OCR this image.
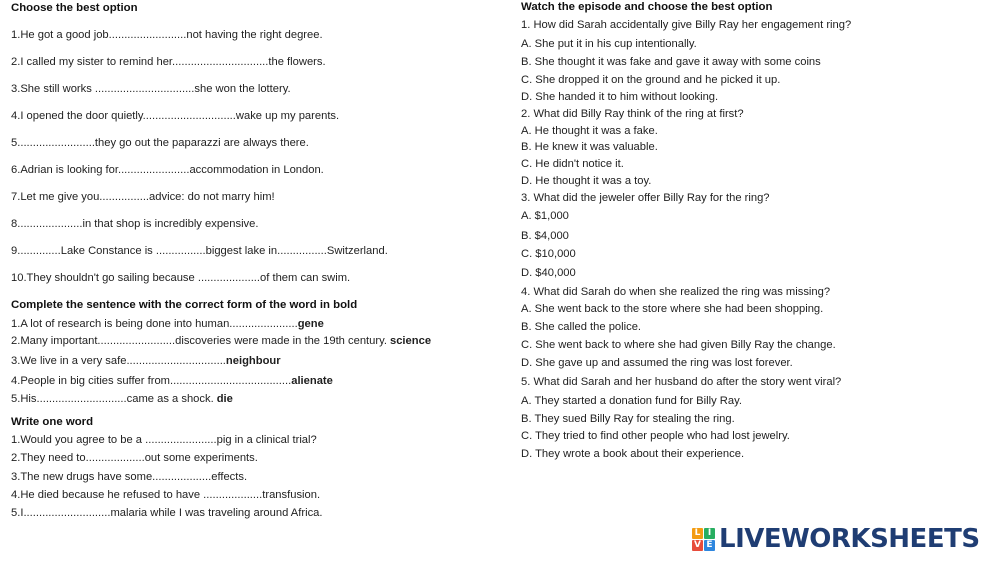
Choose the best option
1.He got a good job.........................not having the right degree.
2.I called my sister to remind her...............................the flowers.
3.She still works ................................she won the lottery.
4.I opened the door quietly..............................wake up my parents.
5.........................they go out the paparazzi are always there.
6.Adrian is looking for.......................accommodation in London.
7.Let me give you................advice: do not marry him!
8.....................in that shop is incredibly expensive.
9..............Lake Constance is ................biggest lake in................Switzerland.
10.They shouldn't go sailing because ....................of them can swim.
Complete the sentence with the correct form of the word in bold
1.A lot of research is being done into human......................gene
2.Many important.........................discoveries were made in the 19th century. science
3.We live in a very safe................................neighbour
4.People in big cities suffer from.......................................alienate
5.His.............................came as a shock. die
Write one word
1.Would you agree to be a .......................pig in a clinical trial?
2.They need to...................out some experiments.
3.The new drugs have some...................effects.
4.He died because he refused to have ...................transfusion.
5.I............................malaria while I was traveling around Africa.
Watch the episode and choose the best option
1. How did Sarah accidentally give Billy Ray her engagement ring?
A. She put it in his cup intentionally.
B. She thought it was fake and gave it away with some coins
C. She dropped it on the ground and he picked it up.
D. She handed it to him without looking.
2. What did Billy Ray think of the ring at first?
A. He thought it was a fake.
B. He knew it was valuable.
C. He didn't notice it.
D. He thought it was a toy.
3. What did the jeweler offer Billy Ray for the ring?
A. $1,000
B. $4,000
C. $10,000
D. $40,000
4. What did Sarah do when she realized the ring was missing?
A. She went back to the store where she had been shopping.
B. She called the police.
C. She went back to where she had given Billy Ray the change.
D. She gave up and assumed the ring was lost forever.
5. What did Sarah and her husband do after the story went viral?
A. They started a donation fund for Billy Ray.
B. They sued Billy Ray for stealing the ring.
C. They tried to find other people who had lost jewelry.
D. They wrote a book about their experience.
L I
V E LIVEWORKSHEETS
